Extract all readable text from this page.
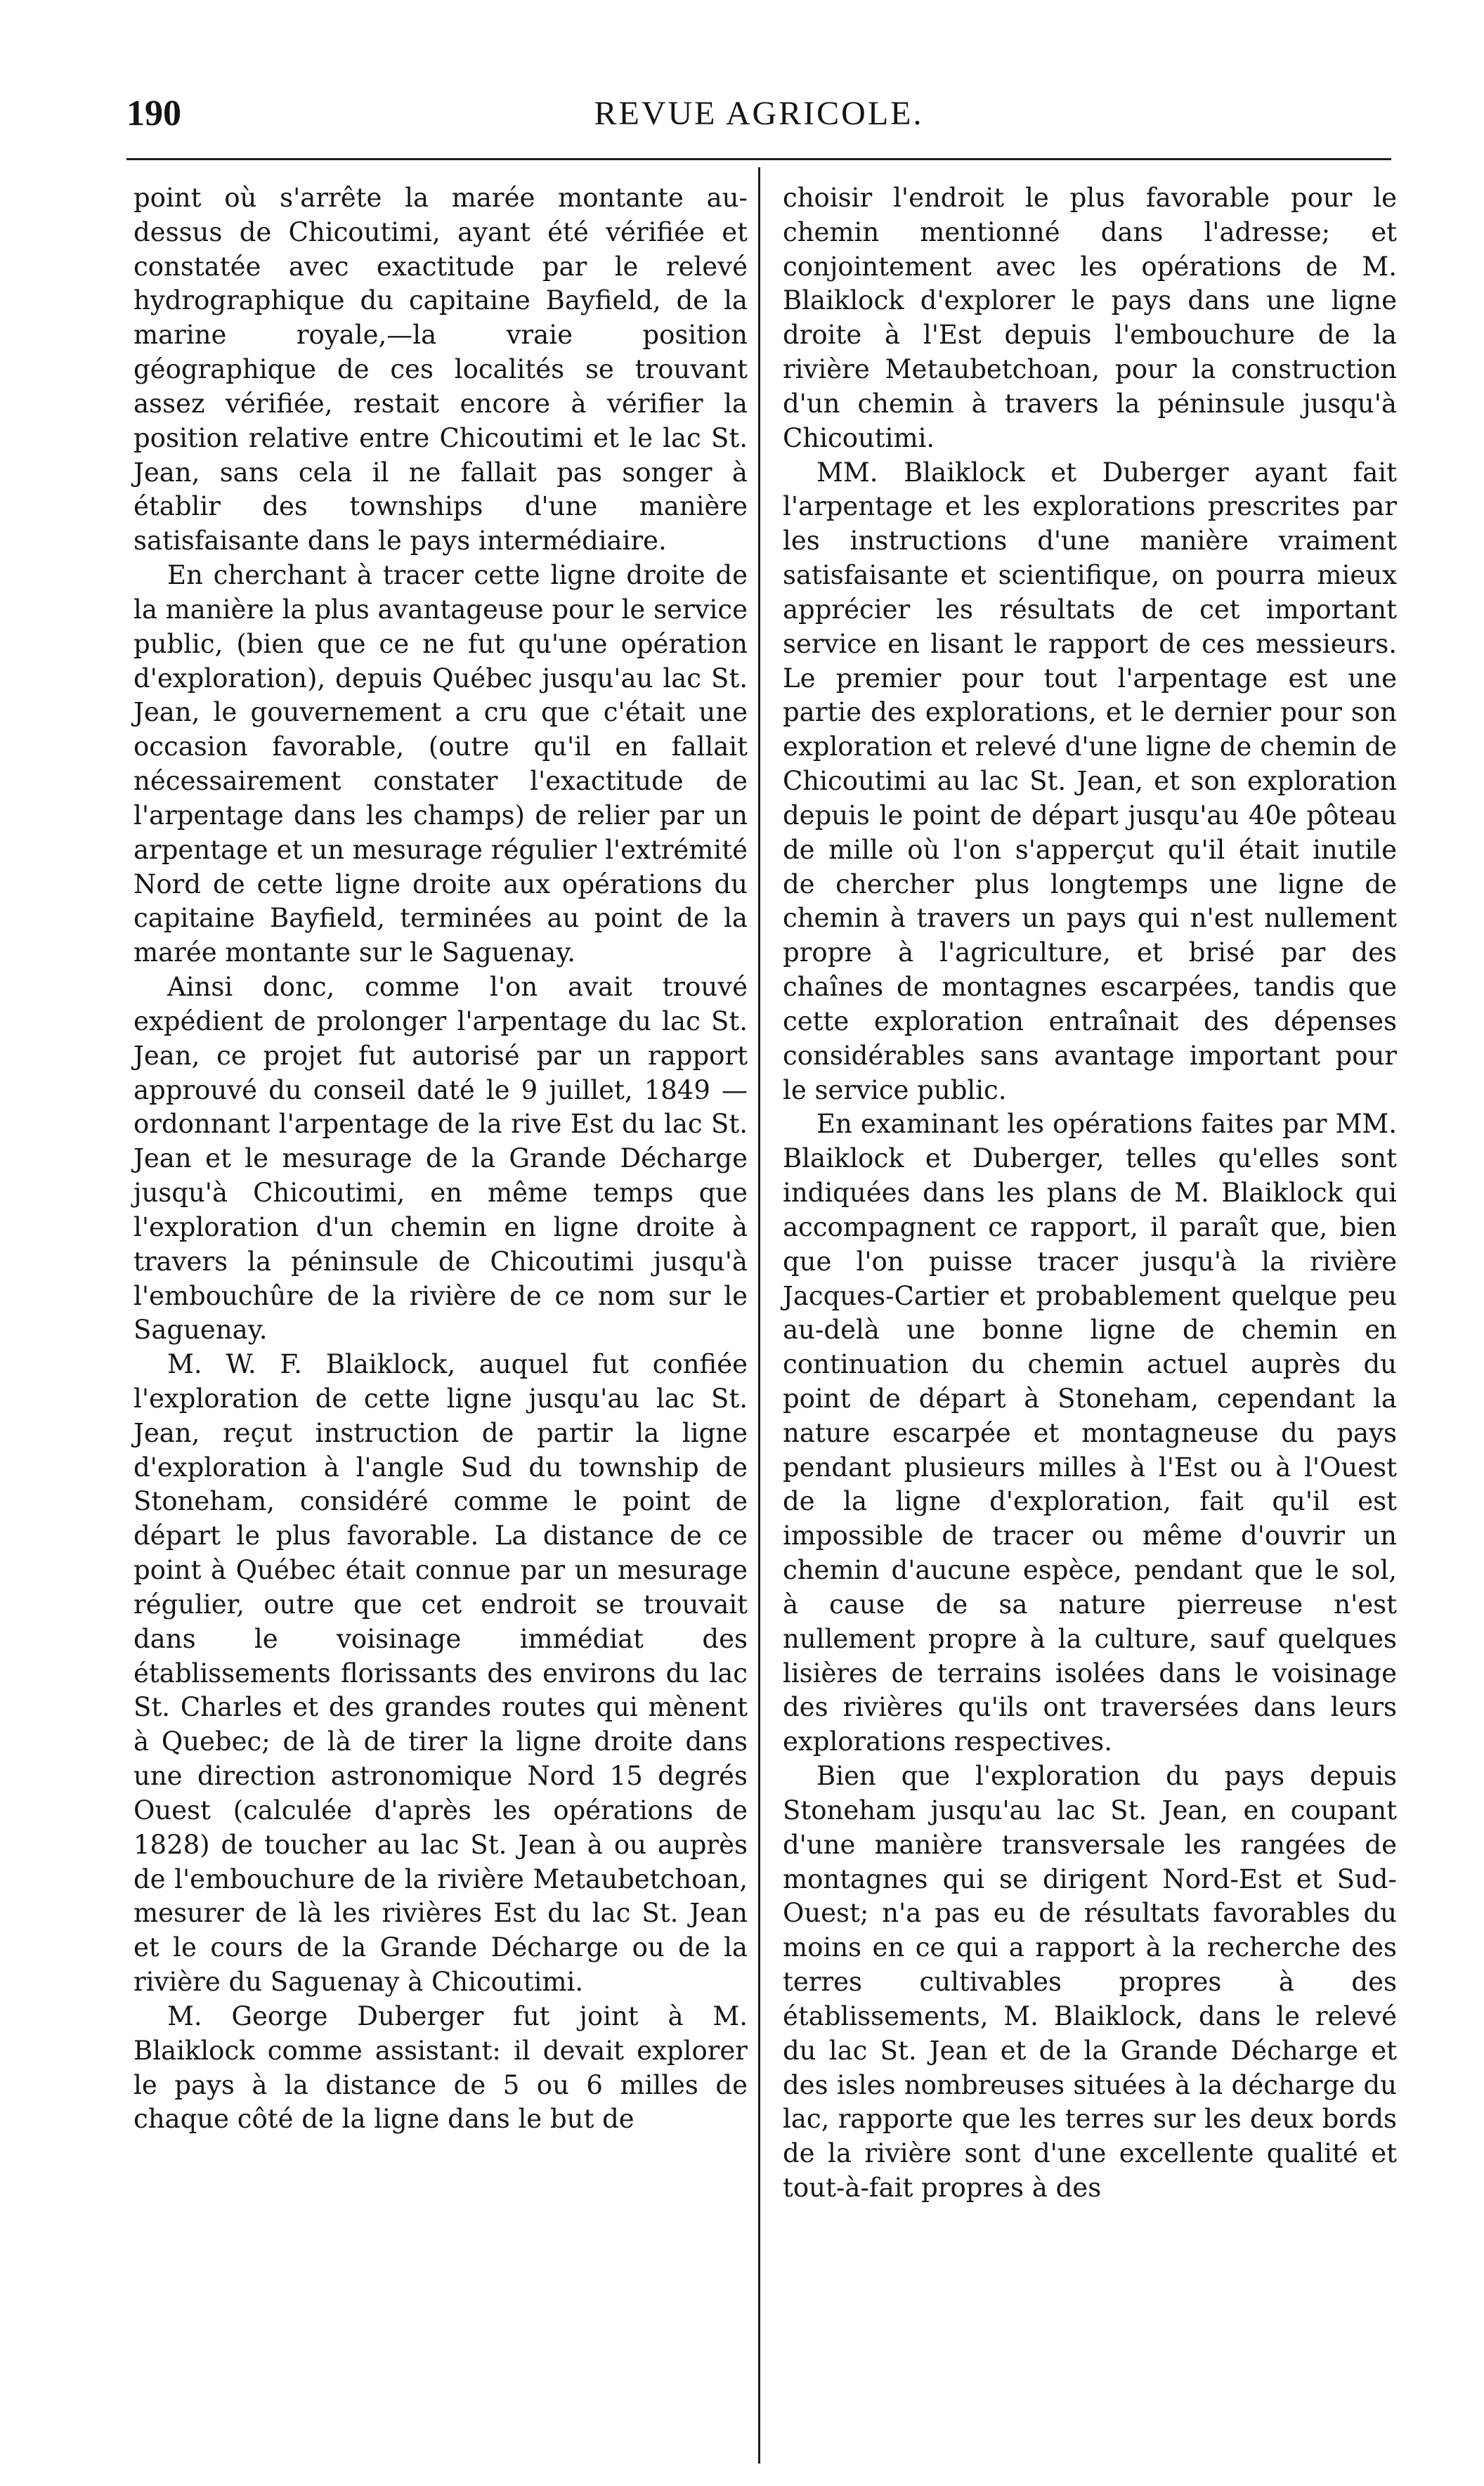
190	REVUE AGRICOLE.

point où s'arrête la marée montante au-dessus de Chicoutimi, ayant été vérifiée et constatée avec exactitude par le relevé hydrographique du capitaine Bayfield, de la marine royale,—la vraie position géographique de ces localités se trouvant assez vérifiée, restait encore à vérifier la position relative entre Chicoutimi et le lac St. Jean, sans cela il ne fallait pas songer à établir des townships d'une manière satisfaisante dans le pays intermédiaire.

En cherchant à tracer cette ligne droite de la manière la plus avantageuse pour le service public, (bien que ce ne fut qu'une opération d'exploration), depuis Québec jusqu'au lac St. Jean, le gouvernement a cru que c'était une occasion favorable, (outre qu'il en fallait nécessairement constater l'exactitude de l'arpentage dans les champs) de relier par un arpentage et un mesurage régulier l'extrémité Nord de cette ligne droite aux opérations du capitaine Bayfield, terminées au point de la marée montante sur le Saguenay.

Ainsi donc, comme l'on avait trouvé expédient de prolonger l'arpentage du lac St. Jean, ce projet fut autorisé par un rapport approuvé du conseil daté le 9 juillet, 1849 —ordonnant l'arpentage de la rive Est du lac St. Jean et le mesurage de la Grande Décharge jusqu'à Chicoutimi, en même temps que l'exploration d'un chemin en ligne droite à travers la péninsule de Chicoutimi jusqu'à l'embouchûre de la rivière de ce nom sur le Saguenay.

M. W. F. Blaiklock, auquel fut confiée l'exploration de cette ligne jusqu'au lac St. Jean, reçut instruction de partir la ligne d'exploration à l'angle Sud du township de Stoneham, considéré comme le point de départ le plus favorable. La distance de ce point à Québec était connue par un mesurage régulier, outre que cet endroit se trouvait dans le voisinage immédiat des établissements florissants des environs du lac St. Charles et des grandes routes qui mènent à Quebec; de là de tirer la ligne droite dans une direction astronomique Nord 15 degrés Ouest (calculée d'après les opérations de 1828) de toucher au lac St. Jean à ou auprès de l'embouchure de la rivière Metaubetchoan, mesurer de là les rivières Est du lac St. Jean et le cours de la Grande Décharge ou de la rivière du Saguenay à Chicoutimi.

M. George Duberger fut joint à M. Blaiklock comme assistant: il devait explorer le pays à la distance de 5 ou 6 milles de chaque côté de la ligne dans le but de

choisir l'endroit le plus favorable pour le chemin mentionné dans l'adresse; et conjointement avec les opérations de M. Blaiklock d'explorer le pays dans une ligne droite à l'Est depuis l'embouchure de la rivière Metaubetchoan, pour la construction d'un chemin à travers la péninsule jusqu'à Chicoutimi.

MM. Blaiklock et Duberger ayant fait l'arpentage et les explorations prescrites par les instructions d'une manière vraiment satisfaisante et scientifique, on pourra mieux apprécier les résultats de cet important service en lisant le rapport de ces messieurs. Le premier pour tout l'arpentage est une partie des explorations, et le dernier pour son exploration et relevé d'une ligne de chemin de Chicoutimi au lac St. Jean, et son exploration depuis le point de départ jusqu'au 40e pôteau de mille où l'on s'apperçut qu'il était inutile de chercher plus longtemps une ligne de chemin à travers un pays qui n'est nullement propre à l'agriculture, et brisé par des chaînes de montagnes escarpées, tandis que cette exploration entraînait des dépenses considérables sans avantage important pour le service public.

En examinant les opérations faites par MM. Blaiklock et Duberger, telles qu'elles sont indiquées dans les plans de M. Blaiklock qui accompagnent ce rapport, il paraît que, bien que l'on puisse tracer jusqu'à la rivière Jacques-Cartier et probablement quelque peu au-delà une bonne ligne de chemin en continuation du chemin actuel auprès du point de départ à Stoneham, cependant la nature escarpée et montagneuse du pays pendant plusieurs milles à l'Est ou à l'Ouest de la ligne d'exploration, fait qu'il est impossible de tracer ou même d'ouvrir un chemin d'aucune espèce, pendant que le sol, à cause de sa nature pierreuse n'est nullement propre à la culture, sauf quelques lisières de terrains isolées dans le voisinage des rivières qu'ils ont traversées dans leurs explorations respectives.

Bien que l'exploration du pays depuis Stoneham jusqu'au lac St. Jean, en coupant d'une manière transversale les rangées de montagnes qui se dirigent Nord-Est et Sud-Ouest; n'a pas eu de résultats favorables du moins en ce qui a rapport à la recherche des terres cultivables propres à des établissements, M. Blaiklock, dans le relevé du lac St. Jean et de la Grande Décharge et des isles nombreuses situées à la décharge du lac, rapporte que les terres sur les deux bords de la rivière sont d'une excellente qualité et tout-à-fait propres à des
